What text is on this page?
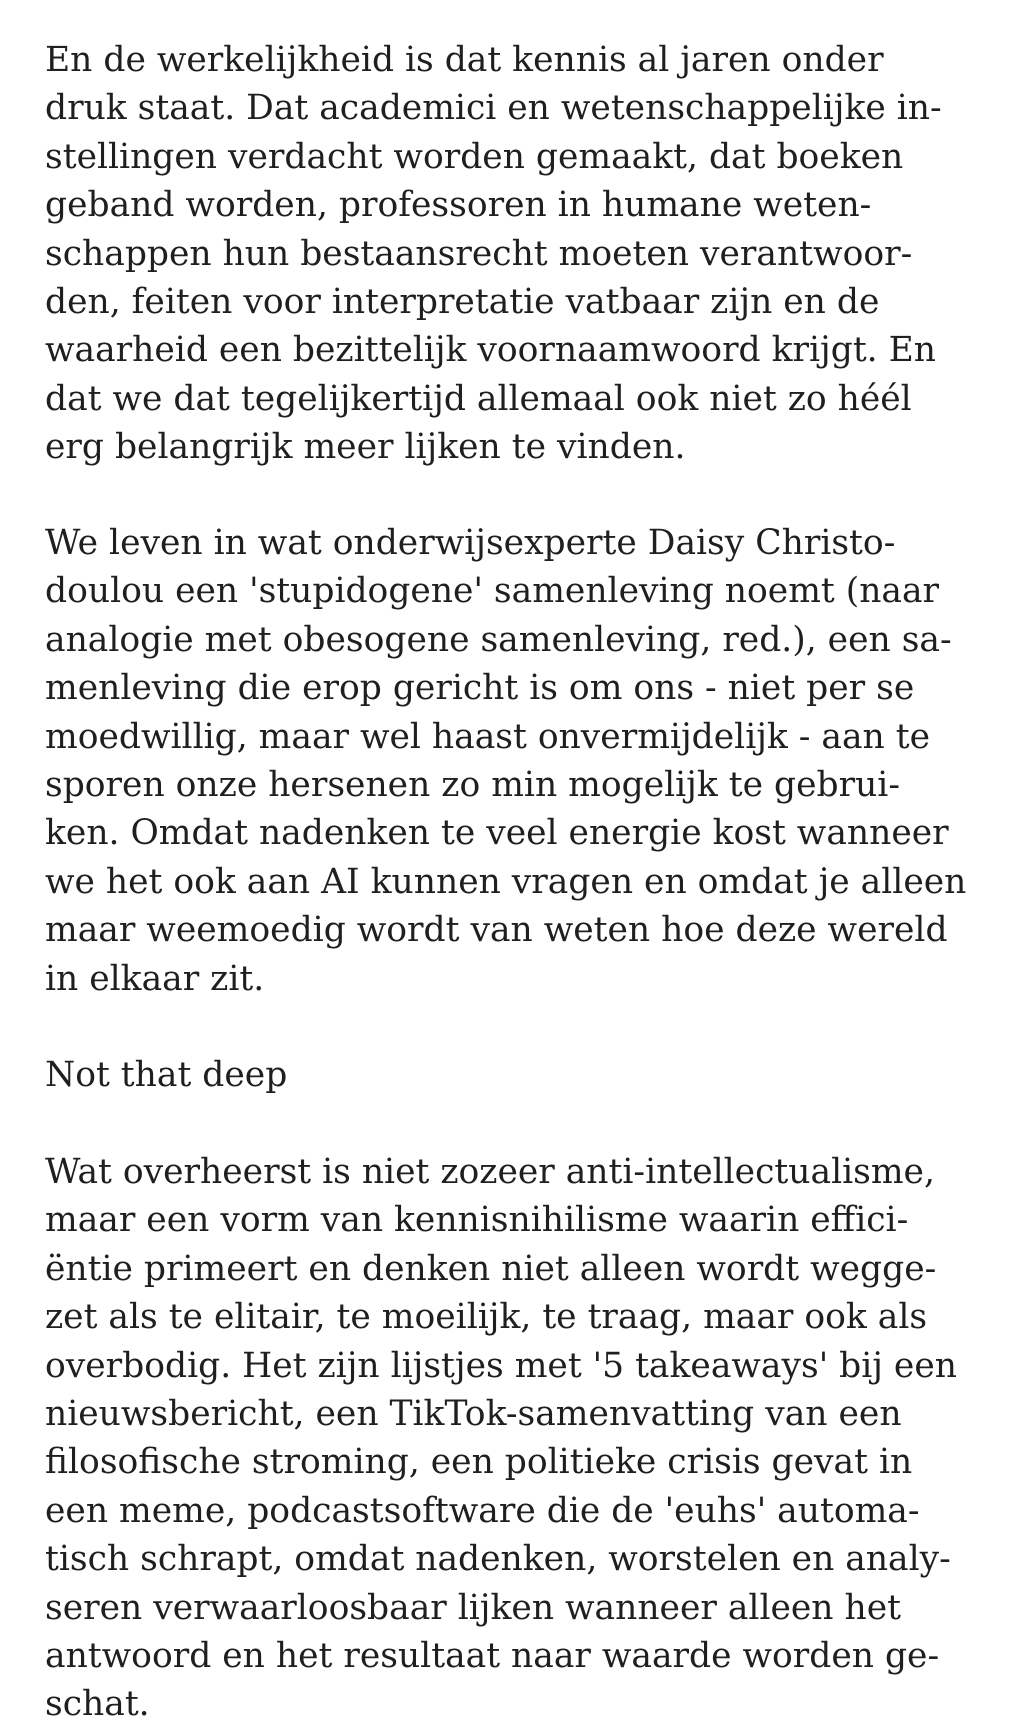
En de werkelijkheid is dat kennis al jaren onder
druk staat. Dat academici en wetenschappelijke in-
stellingen verdacht worden gemaakt, dat boeken
geband worden, professoren in humane weten-
schappen hun bestaansrecht moeten verantwoor-
den, feiten voor interpretatie vatbaar zijn en de
waarheid een bezittelijk voornaamwoord krijgt. En
dat we dat tegelijkertijd allemaal ook niet zo héél
erg belangrijk meer lijken te vinden.

We leven in wat onderwijsexperte Daisy Christo-
doulou een 'stupidogene' samenleving noemt (naar
analogie met obesogene samenleving, red.), een sa-
menleving die erop gericht is om ons - niet per se
moedwillig, maar wel haast onvermijdelijk - aan te
sporen onze hersenen zo min mogelijk te gebrui-
ken. Omdat nadenken te veel energie kost wanneer
we het ook aan AI kunnen vragen en omdat je alleen
maar weemoedig wordt van weten hoe deze wereld
in elkaar zit.

Not that deep

Wat overheerst is niet zozeer anti-intellectualisme,
maar een vorm van kennisnihilisme waarin effici-
ëntie primeert en denken niet alleen wordt wegge-
zet als te elitair, te moeilijk, te traag, maar ook als
overbodig. Het zijn lijstjes met '5 takeaways' bij een
nieuwsbericht, een TikTok-samenvatting van een
filosofische stroming, een politieke crisis gevat in
een meme, podcastsoftware die de 'euhs' automa-
tisch schrapt, omdat nadenken, worstelen en analy-
seren verwaarloosbaar lijken wanneer alleen het
antwoord en het resultaat naar waarde worden ge-
schat.
